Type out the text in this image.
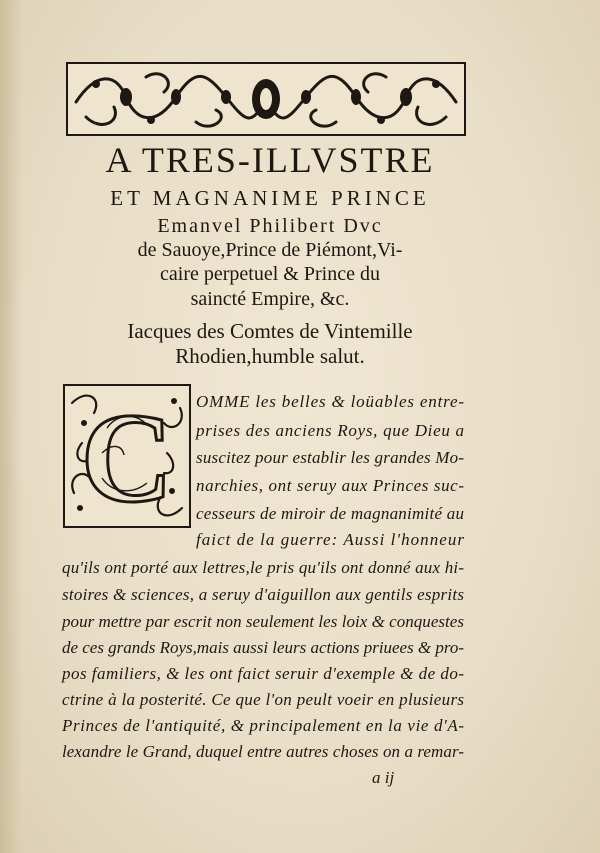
A TRES-ILLVSTRE
ET MAGNANIME PRINCE
Emanvel Philibert Dvc
de Sauoye,Prince de Piémont,Vi-
caire perpetuel & Prince du
saincté Empire, &c.
Iacques des Comtes de Vintemille
Rhodien,humble salut.
C OMME les belles & loüables entre-
prises des anciens Roys, que Dieu a
suscitez pour establir les grandes Mo-
narchies, ont seruy aux Princes suc-
cesseurs de miroir de magnanimité au
faict de la guerre: Aussi l'honneur
qu'ils ont porté aux lettres,le pris qu'ils ont donné aux hi-
stoires & sciences, a seruy d'aiguillon aux gentils esprits
pour mettre par escrit non seulement les loix & conquestes
de ces grands Roys,mais aussi leurs actions priuees & pro-
pos familiers, & les ont faict seruir d'exemple & de do-
ctrine à la posterité. Ce que l'on peult voeir en plusieurs
Princes de l'antiquité, & principalement en la vie d'A-
lexandre le Grand, duquel entre autres choses on a remar-
a ij
